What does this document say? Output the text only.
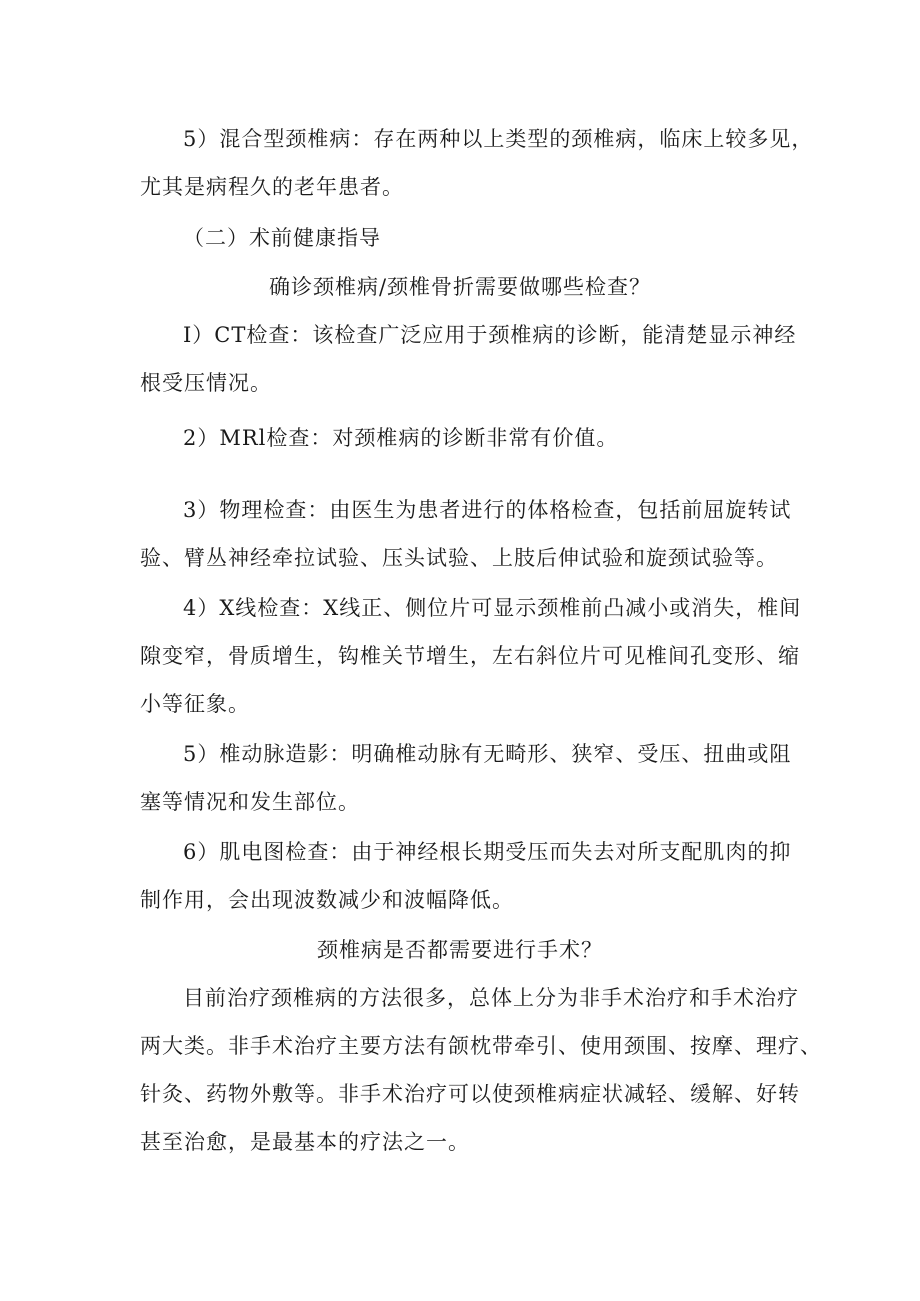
5）混合型颈椎病：存在两种以上类型的颈椎病，临床上较多见，
尤其是病程久的老年患者。
（二）术前健康指导
确诊颈椎病/颈椎骨折需要做哪些检查？
I）CT检查：该检查广泛应用于颈椎病的诊断，能清楚显示神经
根受压情况。
2）MRl检查：对颈椎病的诊断非常有价值。
3）物理检查：由医生为患者进行的体格检查，包括前屈旋转试
验、臂丛神经牵拉试验、压头试验、上肢后伸试验和旋颈试验等。
4）X线检查：X线正、侧位片可显示颈椎前凸减小或消失，椎间
隙变窄，骨质增生，钩椎关节增生，左右斜位片可见椎间孔变形、缩
小等征象。
5）椎动脉造影：明确椎动脉有无畸形、狭窄、受压、扭曲或阻
塞等情况和发生部位。
6）肌电图检查：由于神经根长期受压而失去对所支配肌肉的抑
制作用，会出现波数减少和波幅降低。
颈椎病是否都需要进行手术？
目前治疗颈椎病的方法很多，总体上分为非手术治疗和手术治疗
两大类。非手术治疗主要方法有颌枕带牵引、使用颈围、按摩、理疗、
针灸、药物外敷等。非手术治疗可以使颈椎病症状减轻、缓解、好转
甚至治愈，是最基本的疗法之一。
